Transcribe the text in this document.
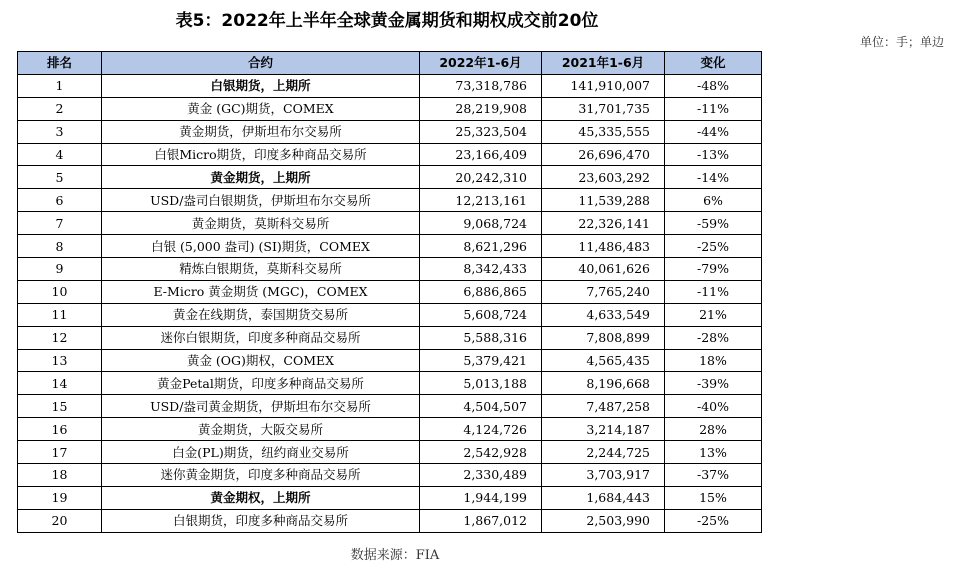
表5：2022年上半年全球黄金属期货和期权成交前20位
单位：手；单边
排名	合约	2022年1-6月	2021年1-6月	变化
1	白银期货，上期所	73,318,786	141,910,007	-48%
2	黄金 (GC)期货，COMEX	28,219,908	31,701,735	-11%
3	黄金期货，伊斯坦布尔交易所	25,323,504	45,335,555	-44%
4	白银Micro期货，印度多种商品交易所	23,166,409	26,696,470	-13%
5	黄金期货，上期所	20,242,310	23,603,292	-14%
6	USD/盎司白银期货，伊斯坦布尔交易所	12,213,161	11,539,288	6%
7	黄金期货，莫斯科交易所	9,068,724	22,326,141	-59%
8	白银 (5,000 盎司) (SI)期货，COMEX	8,621,296	11,486,483	-25%
9	精炼白银期货，莫斯科交易所	8,342,433	40,061,626	-79%
10	E-Micro 黄金期货 (MGC)，COMEX	6,886,865	7,765,240	-11%
11	黄金在线期货，泰国期货交易所	5,608,724	4,633,549	21%
12	迷你白银期货，印度多种商品交易所	5,588,316	7,808,899	-28%
13	黄金 (OG)期权，COMEX	5,379,421	4,565,435	18%
14	黄金Petal期货，印度多种商品交易所	5,013,188	8,196,668	-39%
15	USD/盎司黄金期货，伊斯坦布尔交易所	4,504,507	7,487,258	-40%
16	黄金期货，大阪交易所	4,124,726	3,214,187	28%
17	白金(PL)期货，纽约商业交易所	2,542,928	2,244,725	13%
18	迷你黄金期货，印度多种商品交易所	2,330,489	3,703,917	-37%
19	黄金期权，上期所	1,944,199	1,684,443	15%
20	白银期货，印度多种商品交易所	1,867,012	2,503,990	-25%
数据来源：FIA
